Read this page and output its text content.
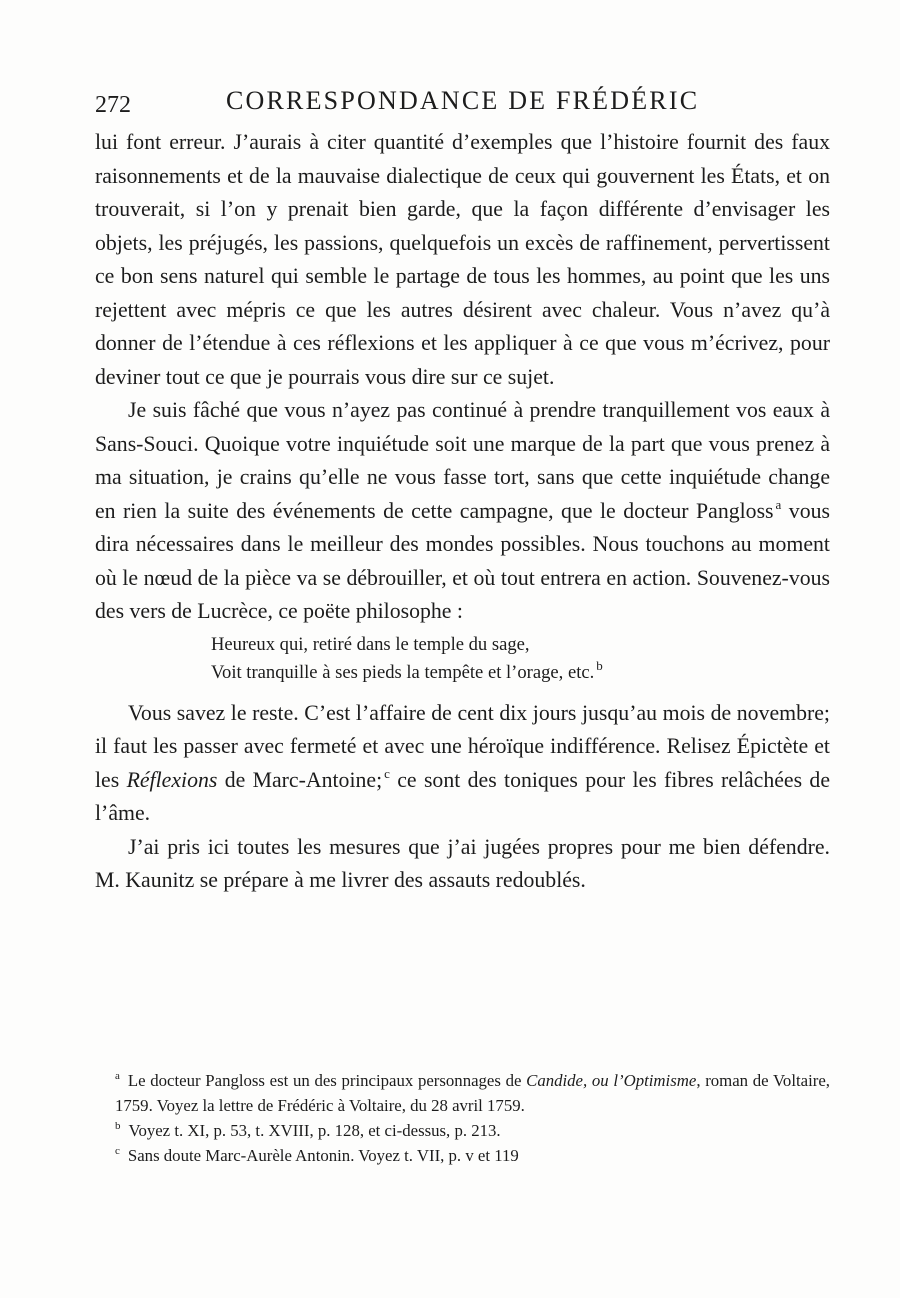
272	CORRESPONDANCE DE FRÉDÉRIC

lui font erreur. J’aurais à citer quantité d’exemples que l’histoire fournit des faux raisonnements et de la mauvaise dialectique de ceux qui gouvernent les États, et on trouverait, si l’on y prenait bien garde, que la façon différente d’envisager les objets, les préjugés, les passions, quelquefois un excès de raffinement, pervertissent ce bon sens naturel qui semble le partage de tous les hommes, au point que les uns rejettent avec mépris ce que les autres désirent avec chaleur. Vous n’avez qu’à donner de l’étendue à ces réflexions et les appliquer à ce que vous m’écrivez, pour deviner tout ce que je pourrais vous dire sur ce sujet.

Je suis fâché que vous n’ayez pas continué à prendre tranquillement vos eaux à Sans-Souci. Quoique votre inquiétude soit une marque de la part que vous prenez à ma situation, je crains qu’elle ne vous fasse tort, sans que cette inquiétude change en rien la suite des événements de cette campagne, que le docteur Pangloss $^a$ vous dira nécessaires dans le meilleur des mondes possibles. Nous touchons au moment où le nœud de la pièce va se débrouiller, et où tout entrera en action. Souvenez-vous des vers de Lucrèce, ce poëte philosophe :

Heureux qui, retiré dans le temple du sage,
Voit tranquille à ses pieds la tempête et l’orage, etc. $^b$

Vous savez le reste. C’est l’affaire de cent dix jours jusqu’au mois de novembre; il faut les passer avec fermeté et avec une héroïque indifférence. Relisez Épictète et les Réflexions de Marc-Antoine; $^c$ ce sont des toniques pour les fibres relâchées de l’âme.

J’ai pris ici toutes les mesures que j’ai jugées propres pour me bien défendre. M. Kaunitz se prépare à me livrer des assauts redoublés.

$^a$ Le docteur Pangloss est un des principaux personnages de Candide, ou l’Optimisme, roman de Voltaire, 1759. Voyez la lettre de Frédéric à Voltaire, du 28 avril 1759.
$^b$ Voyez t. XI, p. 53, t. XVIII, p. 128, et ci-dessus, p. 213.
$^c$ Sans doute Marc-Aurèle Antonin. Voyez t. VII, p. v et 119
